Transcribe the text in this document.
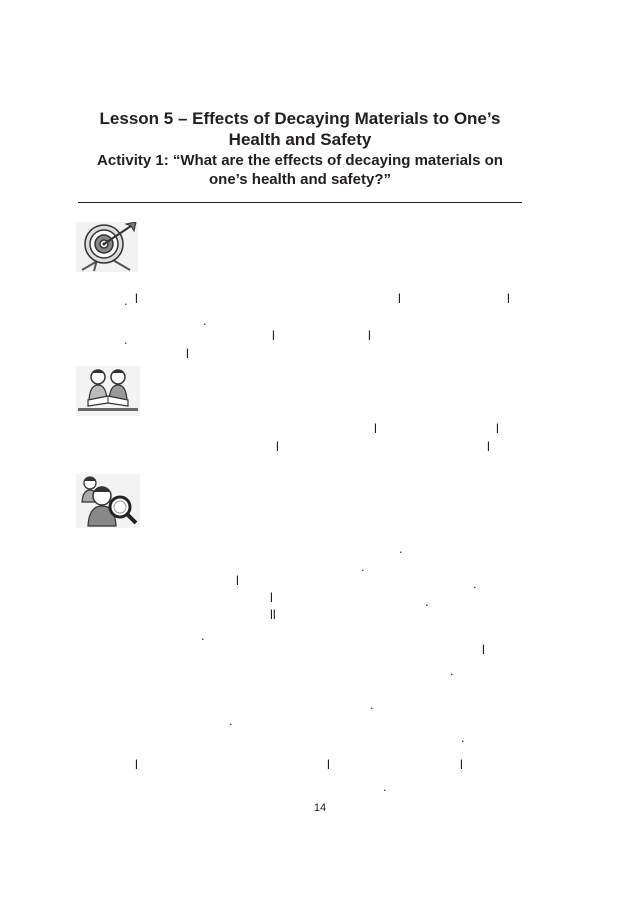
Lesson 5 – Effects of Decaying Materials to One’s
Health and Safety
Activity 1: “What are the effects of decaying materials on
one’s health and safety?”
. l	l	l
.
.	l	l
l
l	l
l	l
.
.
l	.
l	.
ll
.
l
.
.
.
.
l	l	l
.
14
